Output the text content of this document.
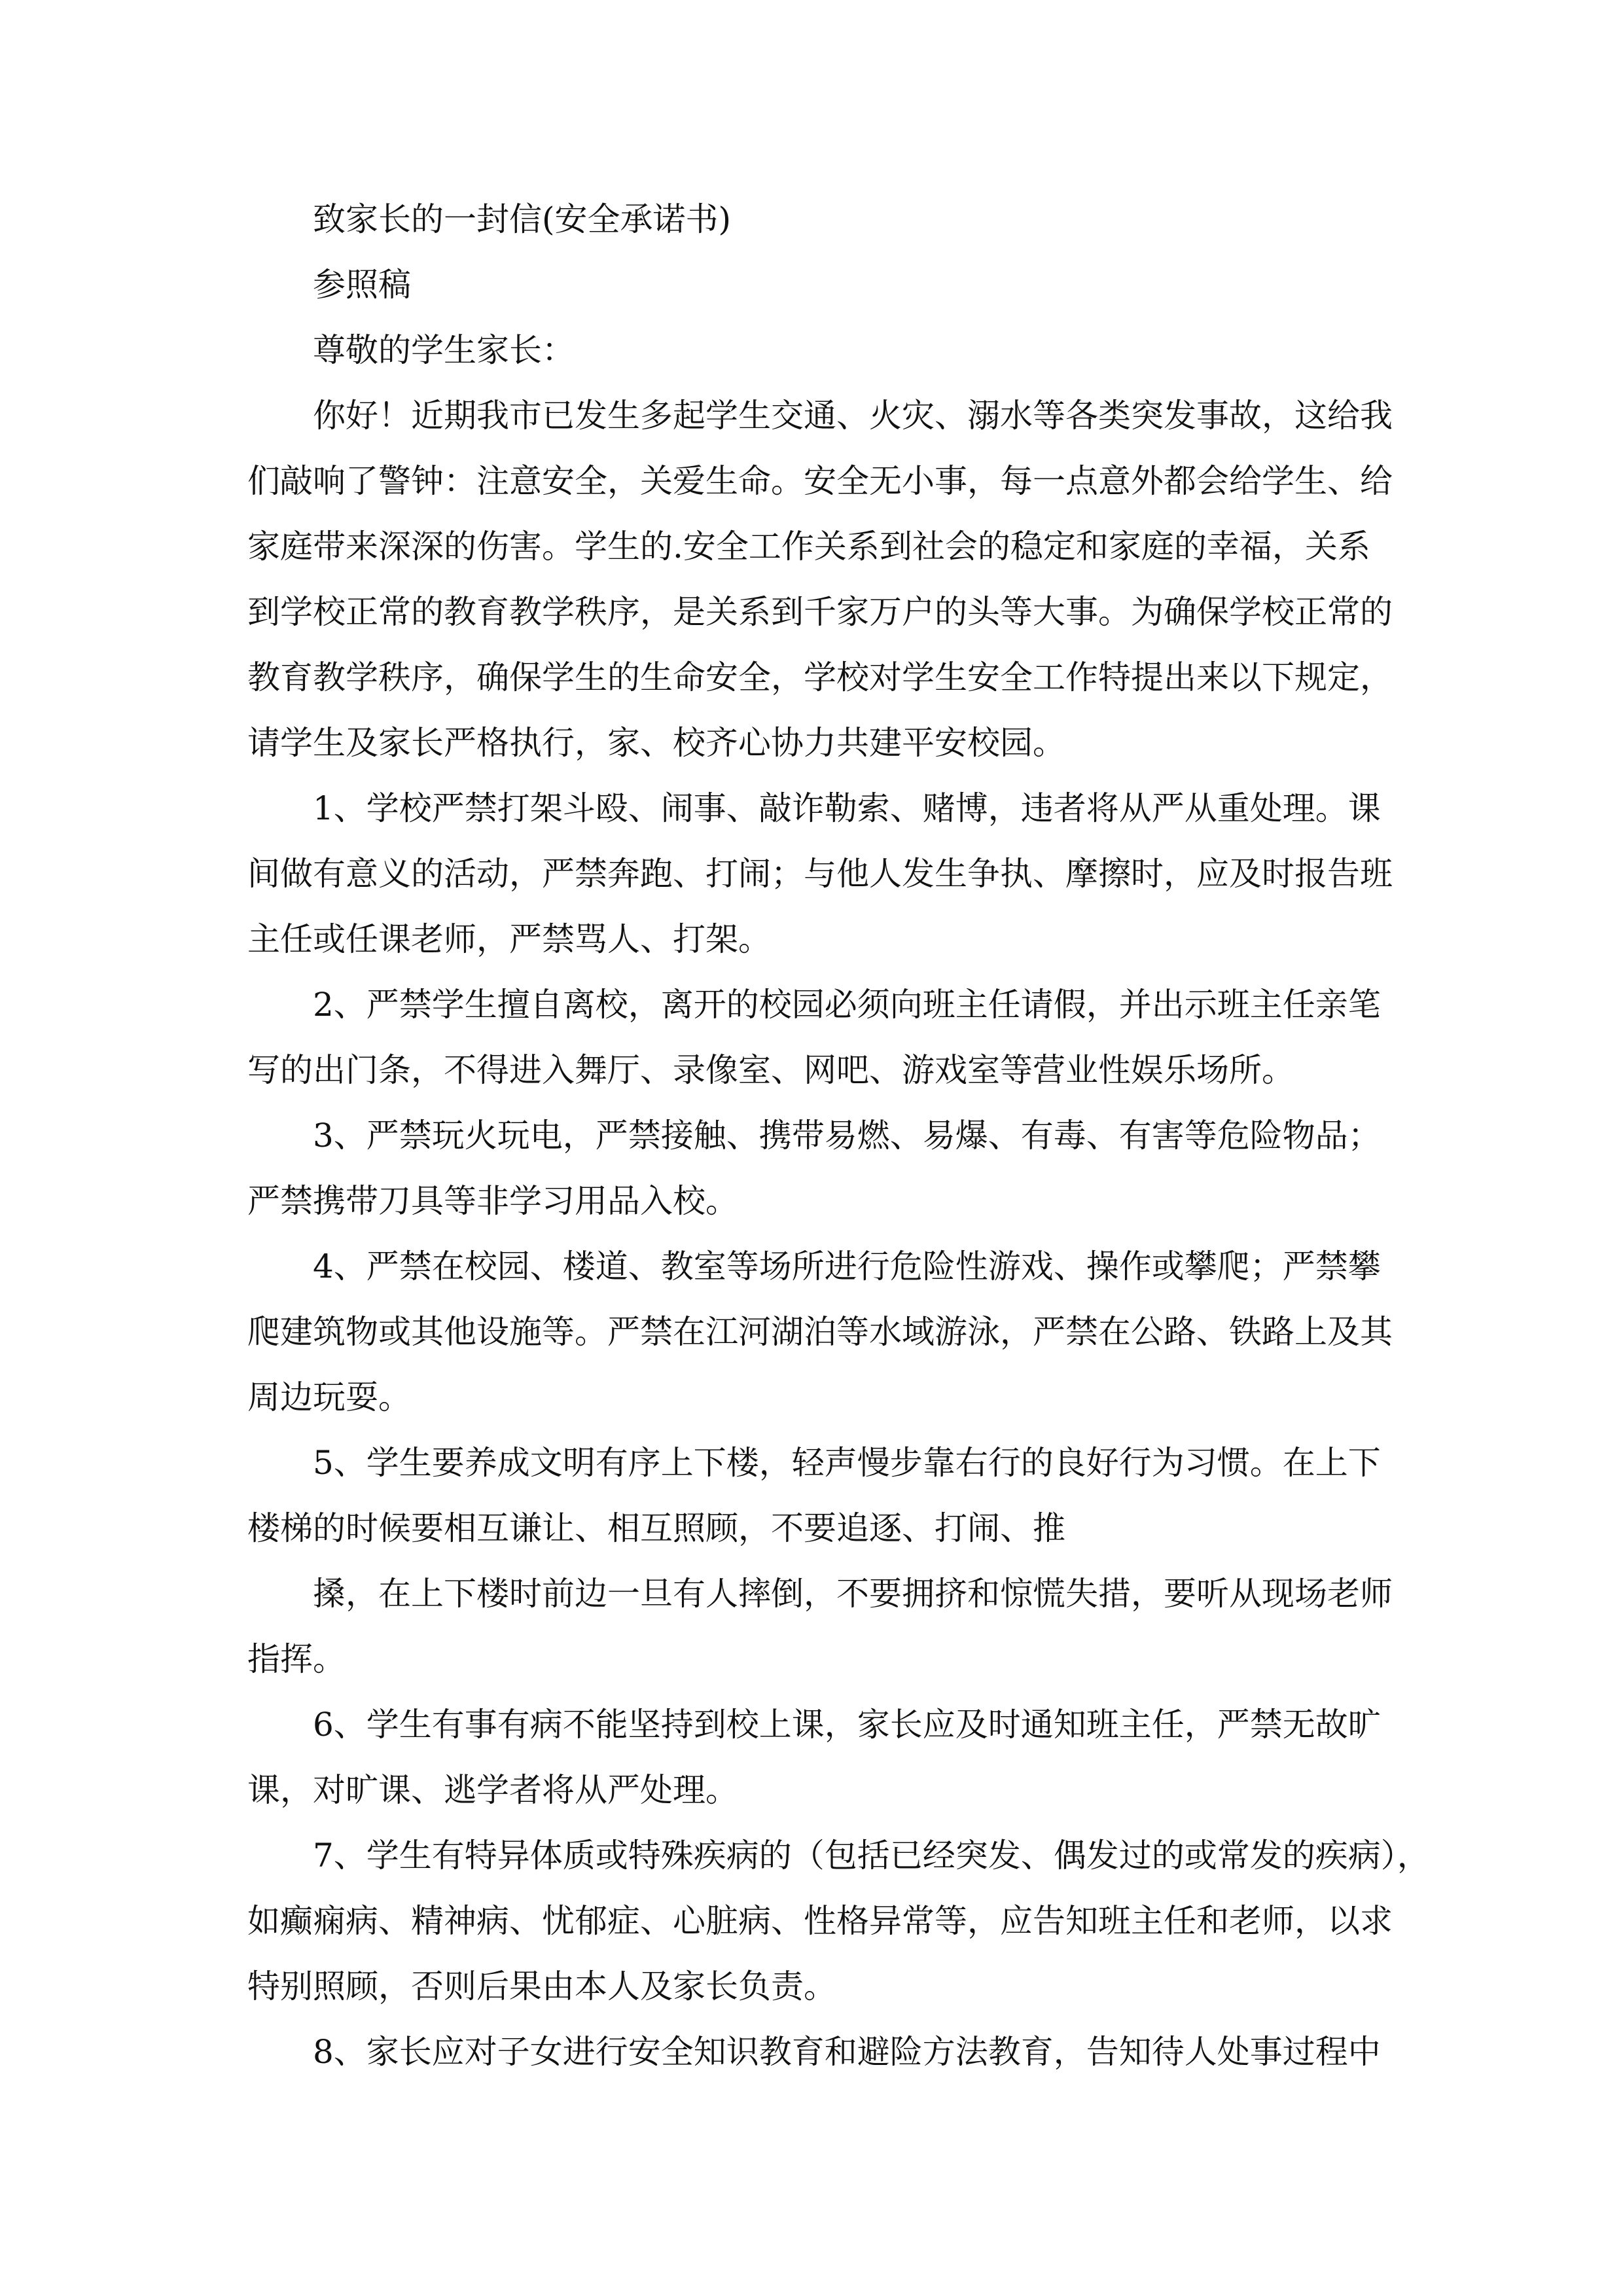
致家长的一封信(安全承诺书)
参照稿
尊敬的学生家长：
你好！近期我市已发生多起学生交通、火灾、溺水等各类突发事故，这给我
们敲响了警钟：注意安全，关爱生命。安全无小事，每一点意外都会给学生、给
家庭带来深深的伤害。学生的.安全工作关系到社会的稳定和家庭的幸福，关系
到学校正常的教育教学秩序，是关系到千家万户的头等大事。为确保学校正常的
教育教学秩序，确保学生的生命安全，学校对学生安全工作特提出来以下规定，
请学生及家长严格执行，家、校齐心协力共建平安校园。
1、学校严禁打架斗殴、闹事、敲诈勒索、赌博，违者将从严从重处理。课
间做有意义的活动，严禁奔跑、打闹；与他人发生争执、摩擦时，应及时报告班
主任或任课老师，严禁骂人、打架。
2、严禁学生擅自离校，离开的校园必须向班主任请假，并出示班主任亲笔
写的出门条，不得进入舞厅、录像室、网吧、游戏室等营业性娱乐场所。
3、严禁玩火玩电，严禁接触、携带易燃、易爆、有毒、有害等危险物品；
严禁携带刀具等非学习用品入校。
4、严禁在校园、楼道、教室等场所进行危险性游戏、操作或攀爬；严禁攀
爬建筑物或其他设施等。严禁在江河湖泊等水域游泳，严禁在公路、铁路上及其
周边玩耍。
5、学生要养成文明有序上下楼，轻声慢步靠右行的良好行为习惯。在上下
楼梯的时候要相互谦让、相互照顾，不要追逐、打闹、推
搡，在上下楼时前边一旦有人摔倒，不要拥挤和惊慌失措，要听从现场老师
指挥。
6、学生有事有病不能坚持到校上课，家长应及时通知班主任，严禁无故旷
课，对旷课、逃学者将从严处理。
7、学生有特异体质或特殊疾病的（包括已经突发、偶发过的或常发的疾病），
如癫痫病、精神病、忧郁症、心脏病、性格异常等，应告知班主任和老师，以求
特别照顾，否则后果由本人及家长负责。
8、家长应对子女进行安全知识教育和避险方法教育，告知待人处事过程中
